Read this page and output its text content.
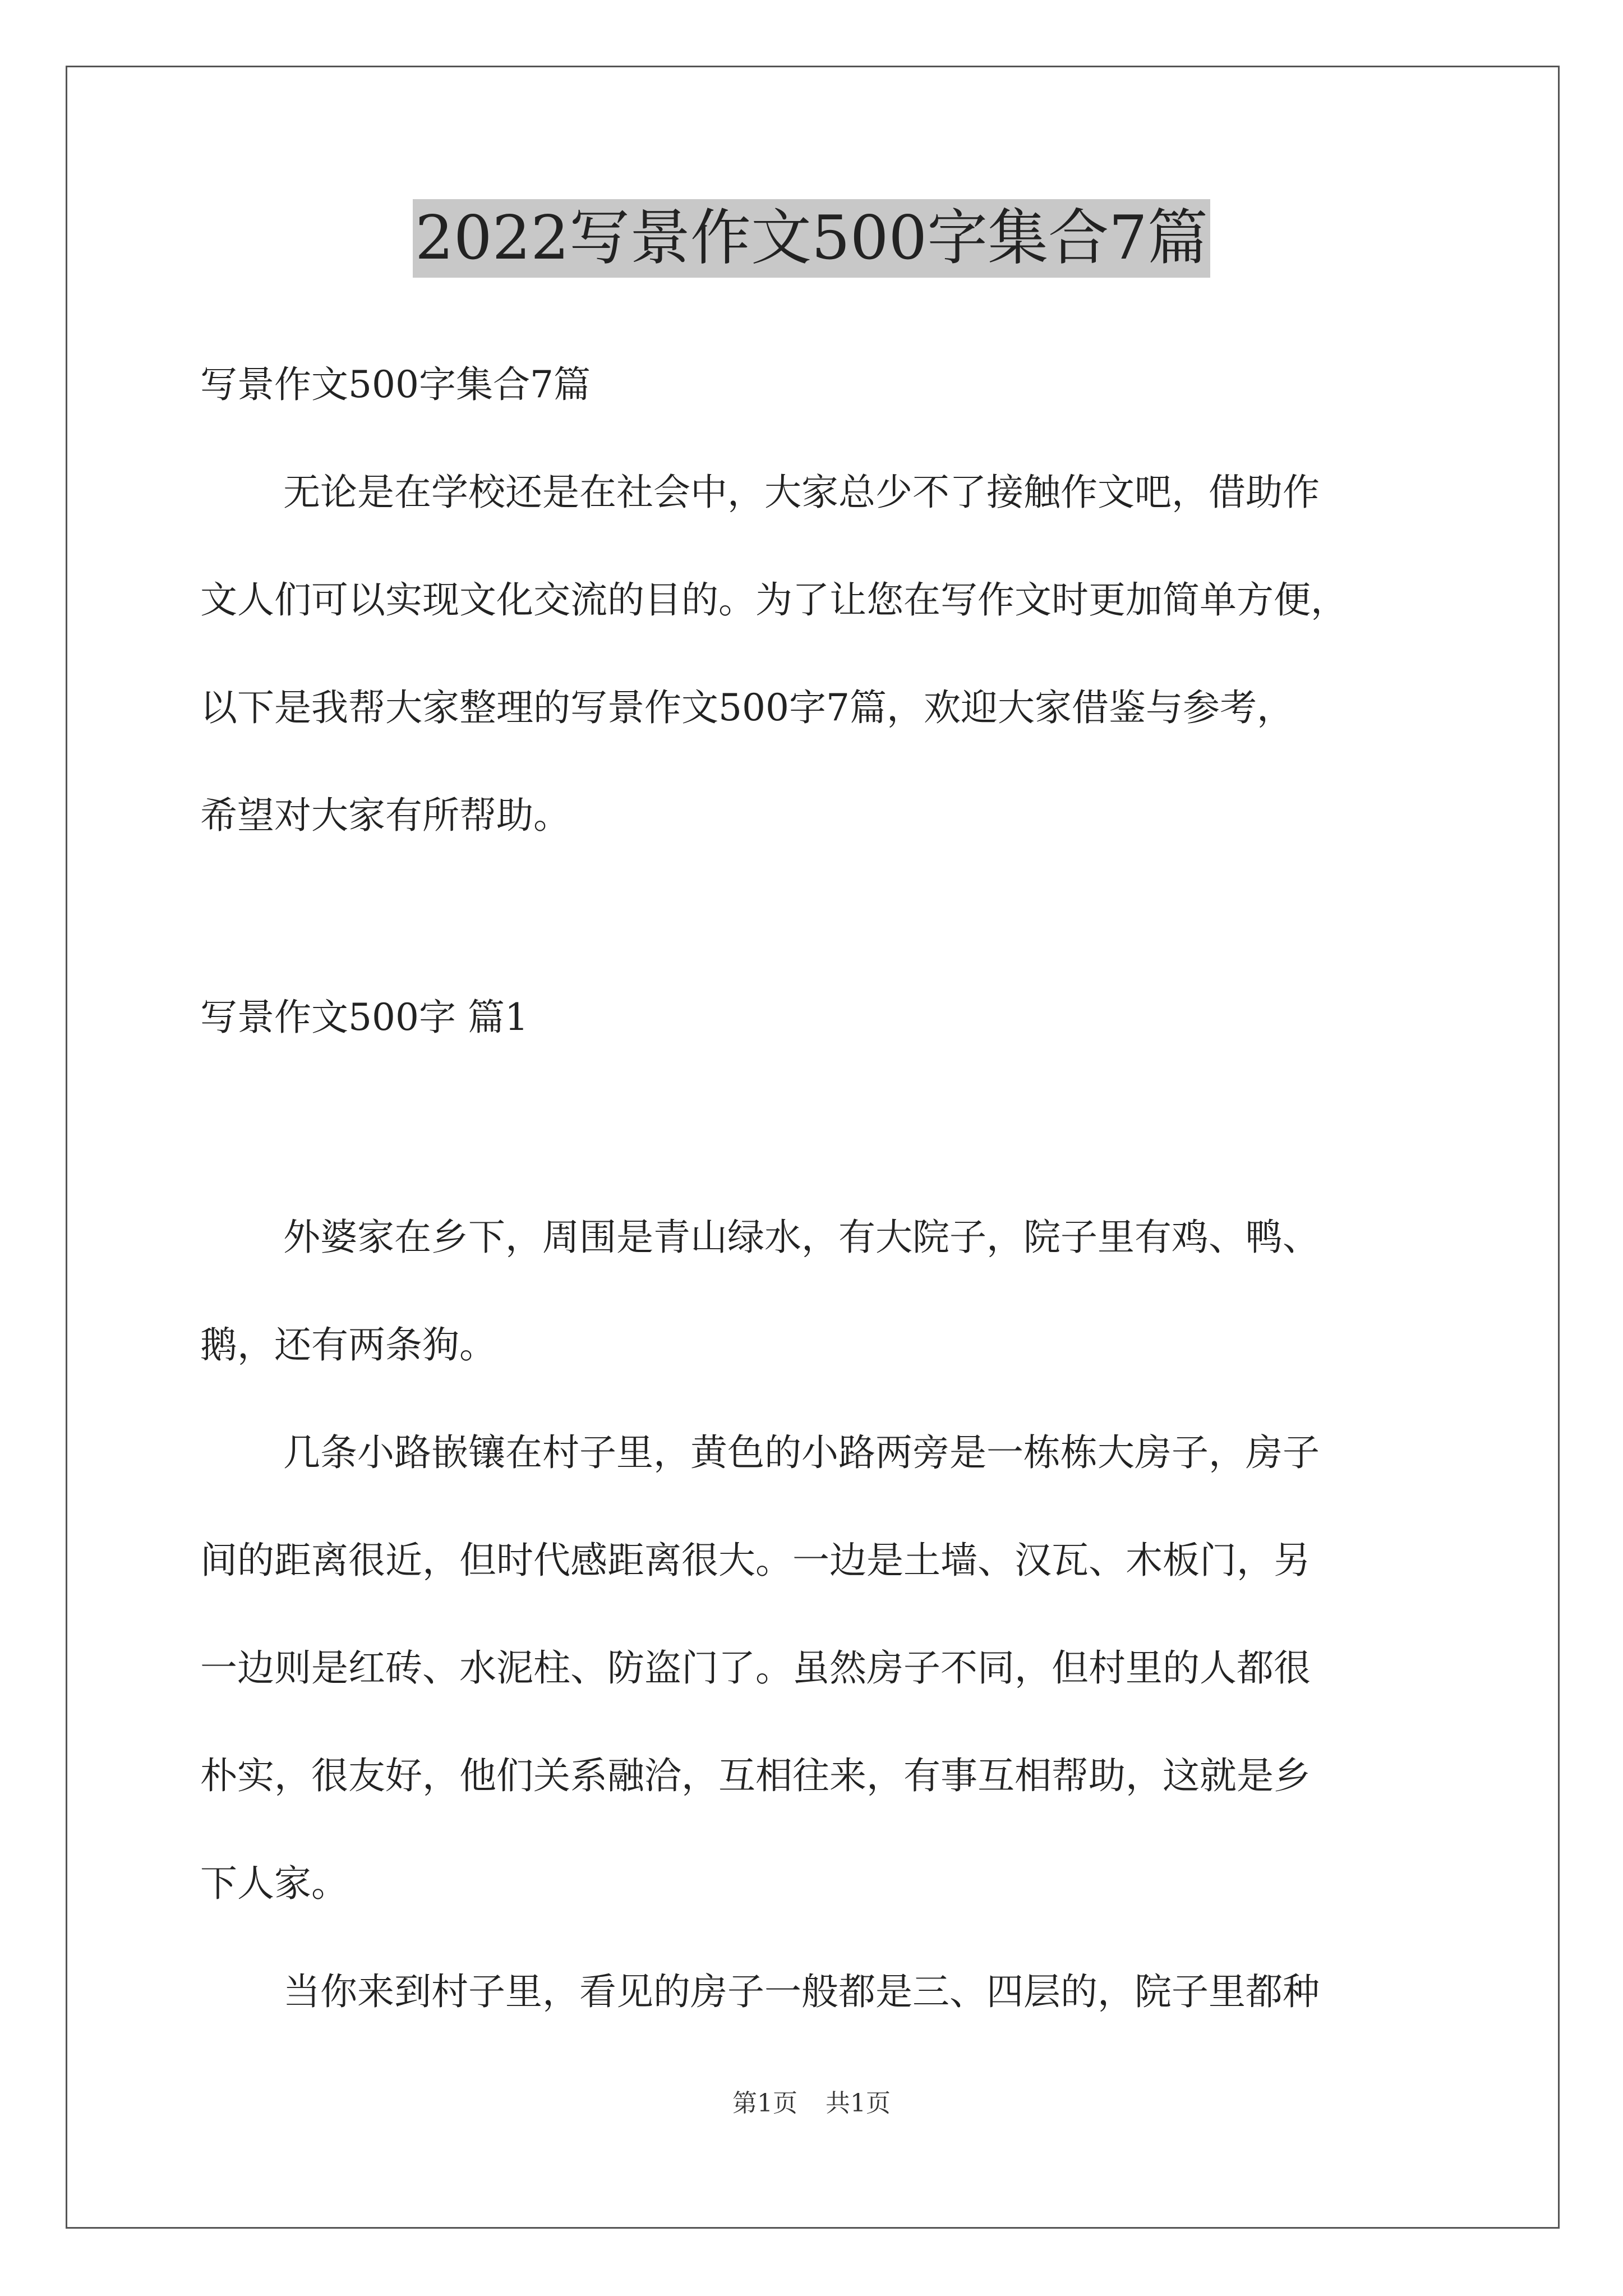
2022写景作文500字集合7篇

写景作文500字集合7篇

无论是在学校还是在社会中，大家总少不了接触作文吧，借助作
文人们可以实现文化交流的目的。为了让您在写作文时更加简单方便，
以下是我帮大家整理的写景作文500字7篇，欢迎大家借鉴与参考，
希望对大家有所帮助。

写景作文500字 篇1

外婆家在乡下，周围是青山绿水，有大院子，院子里有鸡、鸭、
鹅，还有两条狗。

几条小路嵌镶在村子里，黄色的小路两旁是一栋栋大房子，房子
间的距离很近，但时代感距离很大。一边是土墙、汉瓦、木板门，另
一边则是红砖、水泥柱、防盗门了。虽然房子不同，但村里的人都很
朴实，很友好，他们关系融洽，互相往来，有事互相帮助，这就是乡
下人家。

当你来到村子里，看见的房子一般都是三、四层的，院子里都种

第1页 共1页
